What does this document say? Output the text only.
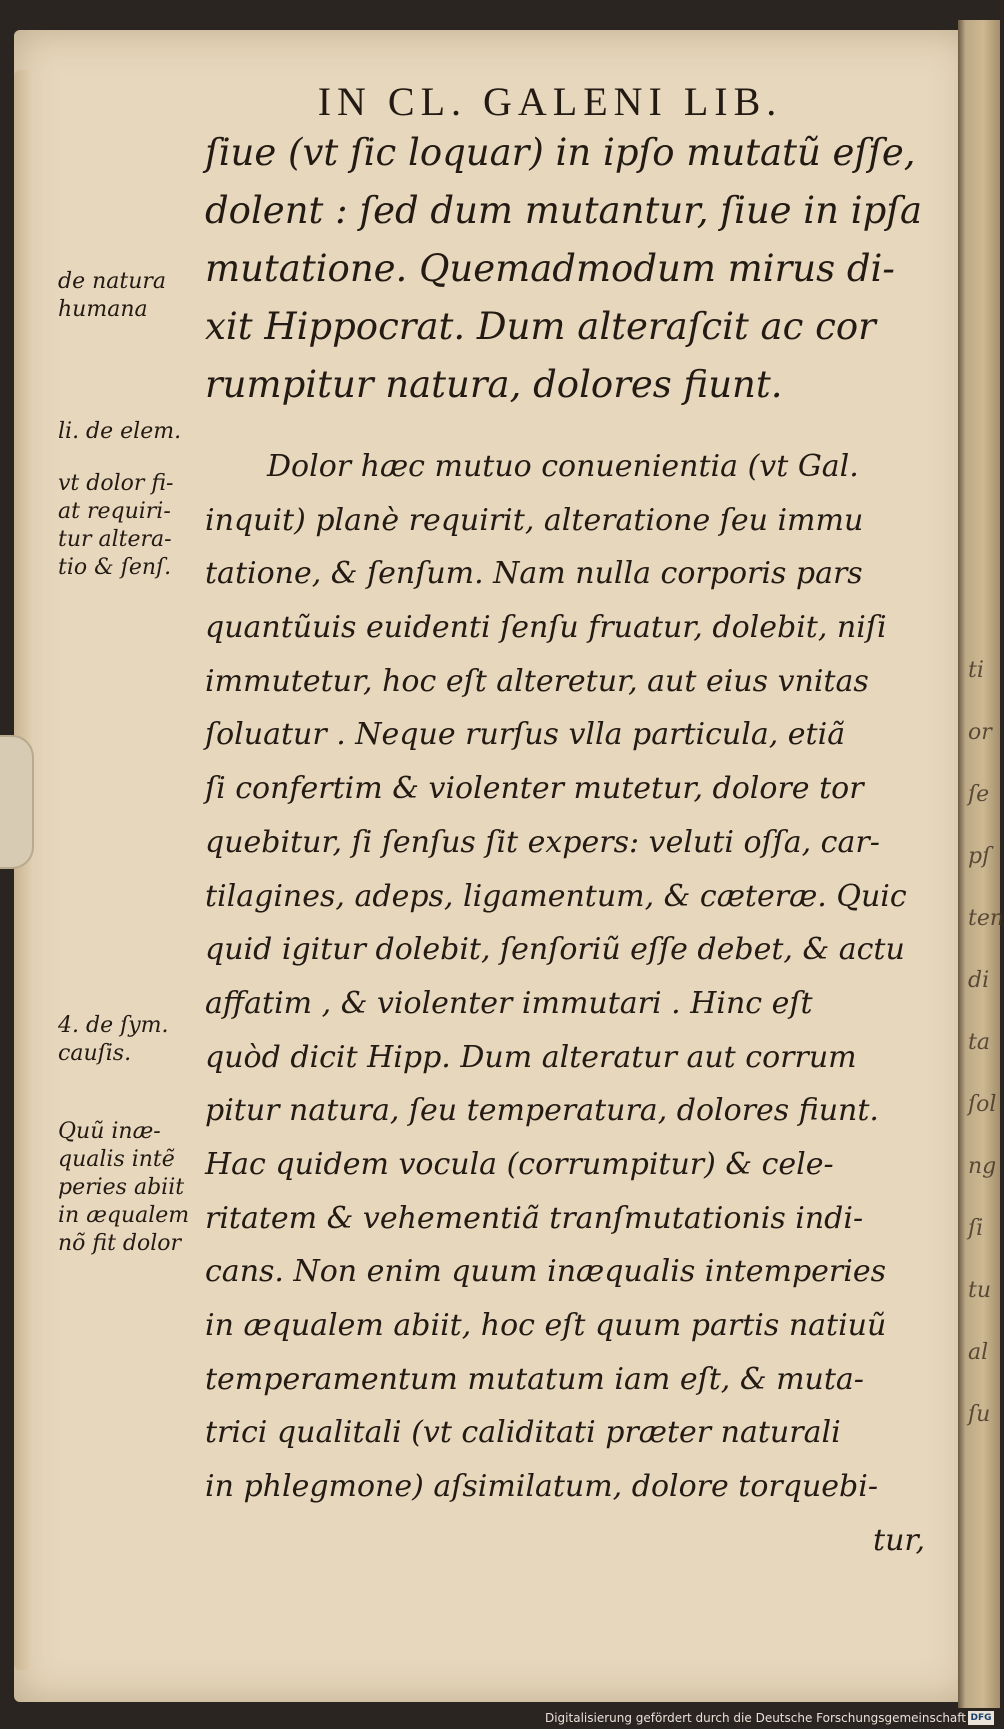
ti
or
ſe
pſ
ten
di
ta
ſol
ng
ſi
tu
al
ſu
IN CL. GALENI LIB.
ſiue (vt ſic loquar) in ipſo mutatũ eſſe,
dolent : ſed dum mutantur, ſiue in ipſa
mutatione. Quemadmodum mirus di-
xit Hippocrat. Dum alteraſcit ac cor
rumpitur natura, dolores fiunt.
Dolor hæc mutuo conuenientia (vt Gal.
inquit) planè requirit, alteratione ſeu immu
tatione, & ſenſum. Nam nulla corporis pars
quantũuis euidenti ſenſu fruatur, dolebit, niſi
immutetur, hoc eſt alteretur, aut eius vnitas
ſoluatur . Neque rurſus vlla particula, etiã
ſi confertim & violenter mutetur, dolore tor
quebitur, ſi ſenſus ſit expers: veluti oſſa, car-
tilagines, adeps, ligamentum, & cæteræ. Quic
quid igitur dolebit, ſenſoriũ eſſe debet, & actu
affatim , & violenter immutari . Hinc eſt
quòd dicit Hipp. Dum alteratur aut corrum
pitur natura, ſeu temperatura, dolores fiunt.
Hac quidem vocula (corrumpitur) & cele-
ritatem & vehementiã tranſmutationis indi-
cans. Non enim quum inæqualis intemperies
in æqualem abiit, hoc eſt quum partis natiuũ
temperamentum mutatum iam eſt, & muta-
trici qualitali (vt caliditati præter naturali
in phlegmone) aſsimilatum, dolore torquebi-
tur,
de natura
humana
li. de elem.
vt dolor fi-
at requiri-
tur altera-
tio & ſenſ.
4. de ſym.
cauſis.
Quũ inæ-
qualis intẽ
peries abiit
in æqualem
nõ fit dolor
Digitalisierung gefördert durch die Deutsche Forschungsgemeinschaft DFG
